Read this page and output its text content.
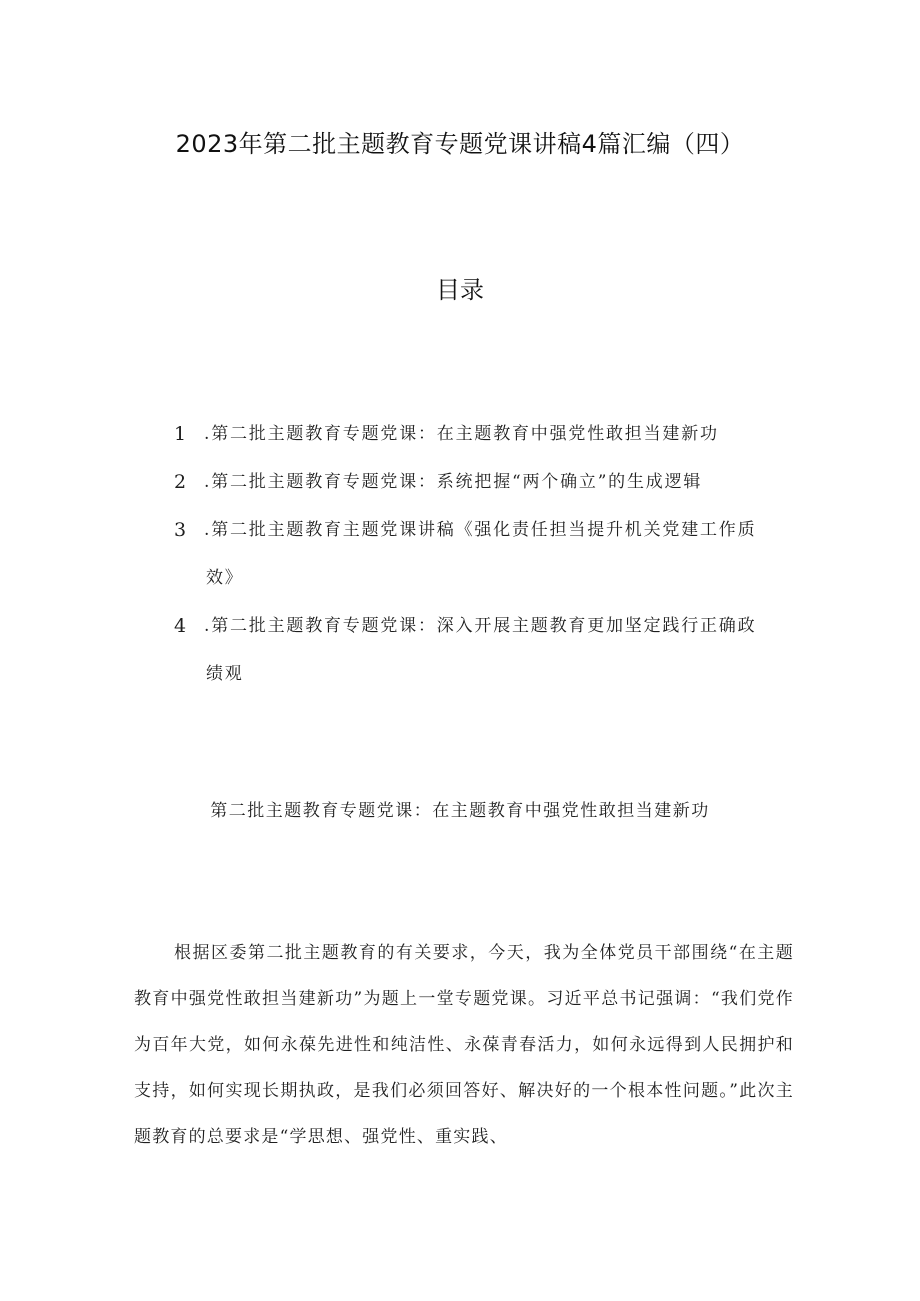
2023年第二批主题教育专题党课讲稿4篇汇编（四）
目录
1 .第二批主题教育专题党课：在主题教育中强党性敢担当建新功
2 .第二批主题教育专题党课：系统把握“两个确立”的生成逻辑
3 .第二批主题教育主题党课讲稿《强化责任担当提升机关党建工作质
效》
4 .第二批主题教育专题党课：深入开展主题教育更加坚定践行正确政
绩观
第二批主题教育专题党课：在主题教育中强党性敢担当建新功

根据区委第二批主题教育的有关要求，今天，我为全体党员干部围绕“在主题教育中强党性敢担当建新功”为题上一堂专题党课。习近平总书记强调：“我们党作为百年大党，如何永葆先进性和纯洁性、永葆青春活力，如何永远得到人民拥护和支持，如何实现长期执政，是我们必须回答好、解决好的一个根本性问题。”此次主题教育的总要求是“学思想、强党性、重实践、
